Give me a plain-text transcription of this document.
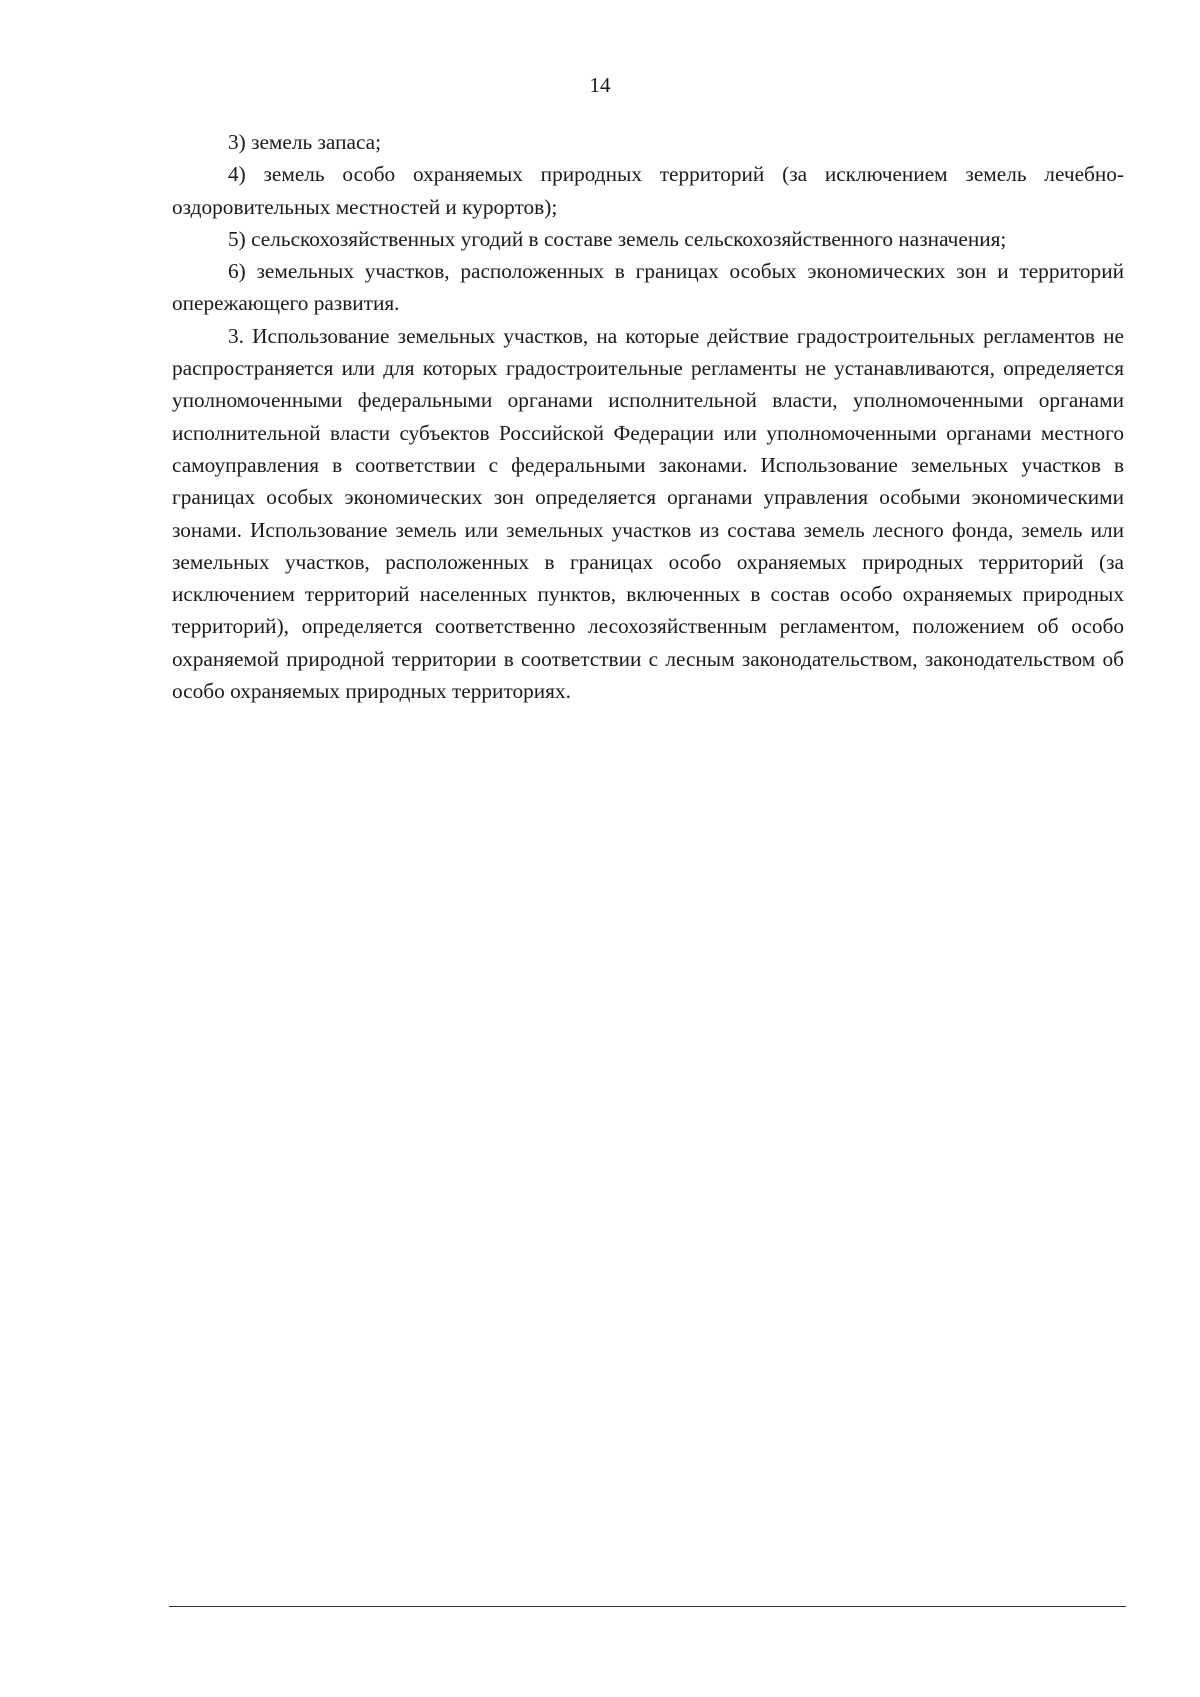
14

3) земель запаса;

4) земель особо охраняемых природных территорий (за исключением земель лечебно-оздоровительных местностей и курортов);

5) сельскохозяйственных угодий в составе земель сельскохозяйственного назначения;

6) земельных участков, расположенных в границах особых экономических зон и территорий опережающего развития.

3. Использование земельных участков, на которые действие градостроительных регламентов не распространяется или для которых градостроительные регламенты не устанавливаются, определяется уполномоченными федеральными органами исполнительной власти, уполномоченными органами исполнительной власти субъектов Российской Федерации или уполномоченными органами местного самоуправления в соответствии с федеральными законами. Использование земельных участков в границах особых экономических зон определяется органами управления особыми экономическими зонами. Использование земель или земельных участков из состава земель лесного фонда, земель или земельных участков, расположенных в границах особо охраняемых природных территорий (за исключением территорий населенных пунктов, включенных в состав особо охраняемых природных территорий), определяется соответственно лесохозяйственным регламентом, положением об особо охраняемой природной территории в соответствии с лесным законодательством, законодательством об особо охраняемых природных территориях.
